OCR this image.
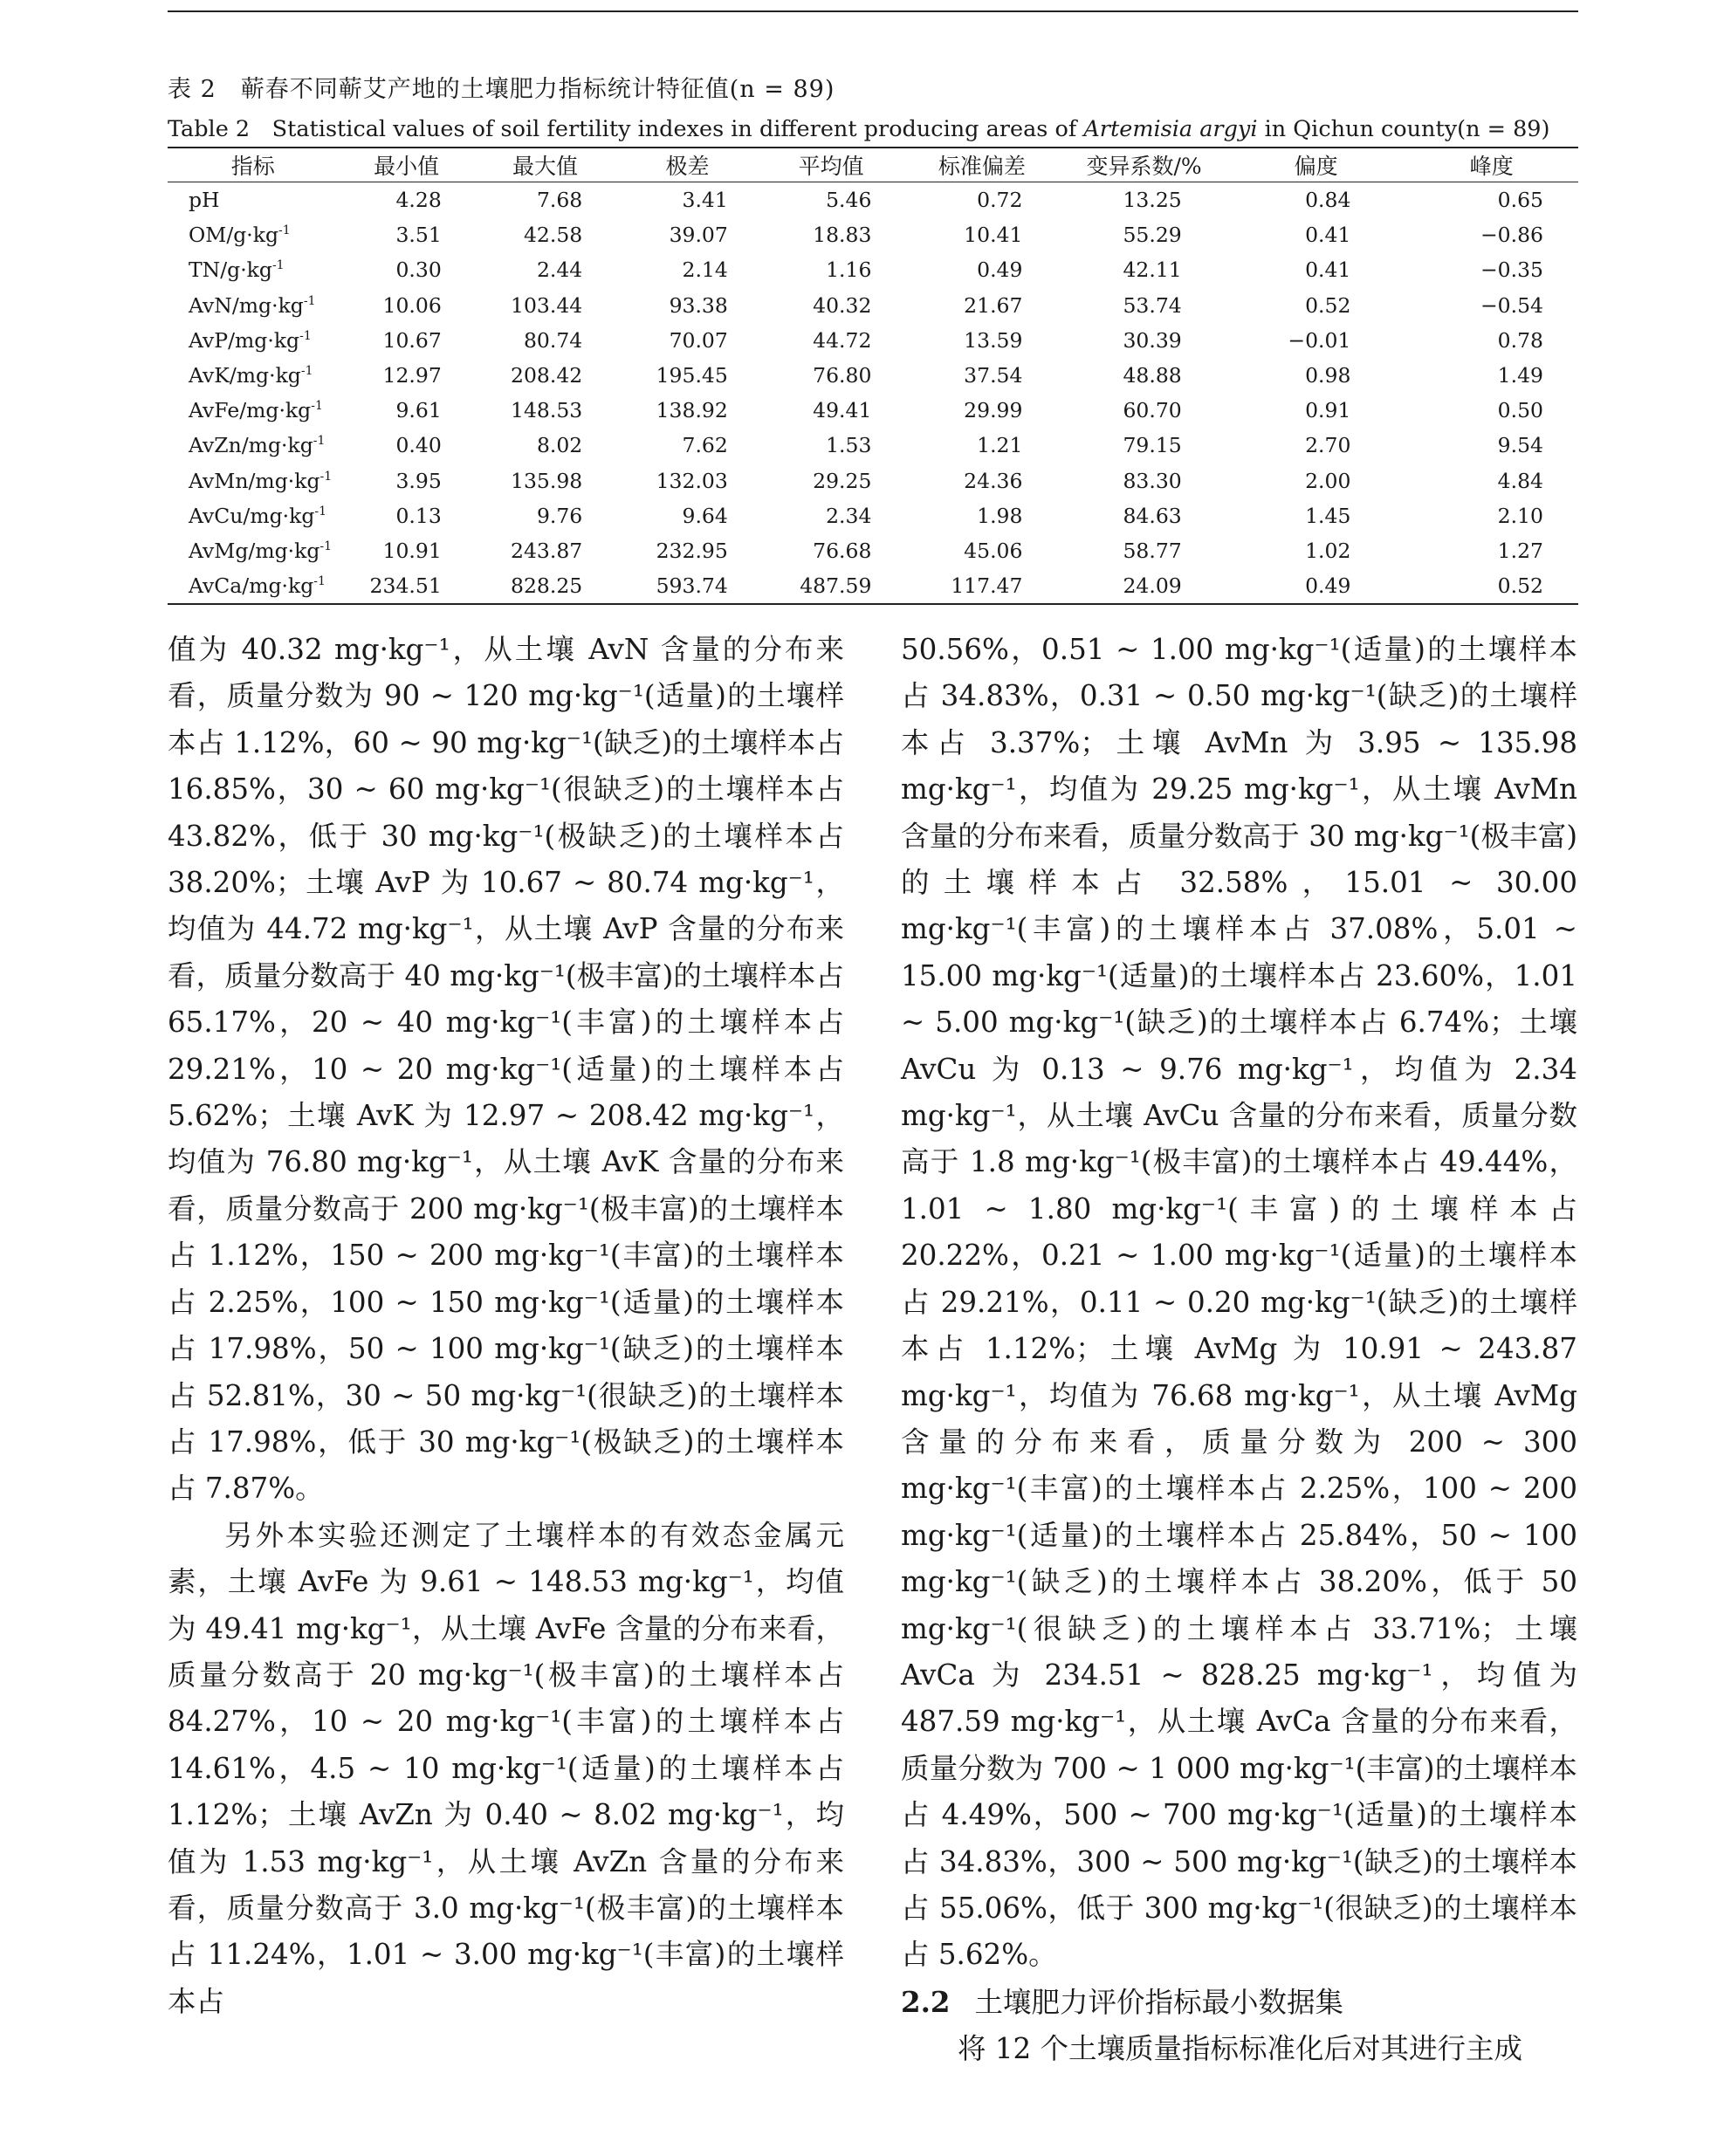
表 2　蕲春不同蕲艾产地的土壤肥力指标统计特征值(n = 89)
Table 2　Statistical values of soil fertility indexes in different producing areas of Artemisia argyi in Qichun county(n = 89)
指标	最小值	最大值	极差	平均值	标准偏差	变异系数/%	偏度	峰度
pH	4.28	7.68	3.41	5.46	0.72	13.25	0.84	0.65
$OM/g\cdot kg^{-1}$	3.51	42.58	39.07	18.83	10.41	55.29	0.41	−0.86
$TN/g\cdot kg^{-1}$	0.30	2.44	2.14	1.16	0.49	42.11	0.41	−0.35
AvN/$mg\cdot kg^{-1}$	10.06	103.44	93.38	40.32	21.67	53.74	0.52	−0.54
AvP/$mg\cdot kg^{-1}$	10.67	80.74	70.07	44.72	13.59	30.39	−0.01	0.78
AvK/$mg\cdot kg^{-1}$	12.97	208.42	195.45	76.80	37.54	48.88	0.98	1.49
AvFe/$mg\cdot kg^{-1}$	9.61	148.53	138.92	49.41	29.99	60.70	0.91	0.50
AvZn/$mg\cdot kg^{-1}$	0.40	8.02	7.62	1.53	1.21	79.15	2.70	9.54
AvMn/$mg\cdot kg^{-1}$	3.95	135.98	132.03	29.25	24.36	83.30	2.00	4.84
AvCu/$mg\cdot kg^{-1}$	0.13	9.76	9.64	2.34	1.98	84.63	1.45	2.10
AvMg/$mg\cdot kg^{-1}$	10.91	243.87	232.95	76.68	45.06	58.77	1.02	1.27
AvCa/$mg\cdot kg^{-1}$	234.51	828.25	593.74	487.59	117.47	24.09	0.49	0.52

值为 40.32 mg·kg⁻¹，从土壤 AvN 含量的分布来看，质量分数为 90 ~ 120 mg·kg⁻¹(适量)的土壤样本占 1.12%，60 ~ 90 mg·kg⁻¹(缺乏)的土壤样本占 16.85%，30 ~ 60 mg·kg⁻¹(很缺乏)的土壤样本占 43.82%，低于 30 mg·kg⁻¹(极缺乏)的土壤样本占 38.20%；土壤 AvP 为 10.67 ~ 80.74 mg·kg⁻¹，均值为 44.72 mg·kg⁻¹，从土壤 AvP 含量的分布来看，质量分数高于 40 mg·kg⁻¹(极丰富)的土壤样本占 65.17%，20 ~ 40 mg·kg⁻¹(丰富)的土壤样本占 29.21%，10 ~ 20 mg·kg⁻¹(适量)的土壤样本占 5.62%；土壤 AvK 为 12.97 ~ 208.42 mg·kg⁻¹，均值为 76.80 mg·kg⁻¹，从土壤 AvK 含量的分布来看，质量分数高于 200 mg·kg⁻¹(极丰富)的土壤样本占 1.12%，150 ~ 200 mg·kg⁻¹(丰富)的土壤样本占 2.25%，100 ~ 150 mg·kg⁻¹(适量)的土壤样本占 17.98%，50 ~ 100 mg·kg⁻¹(缺乏)的土壤样本占 52.81%，30 ~ 50 mg·kg⁻¹(很缺乏)的土壤样本占 17.98%，低于 30 mg·kg⁻¹(极缺乏)的土壤样本占 7.87%。

另外本实验还测定了土壤样本的有效态金属元素，土壤 AvFe 为 9.61 ~ 148.53 mg·kg⁻¹，均值为 49.41 mg·kg⁻¹，从土壤 AvFe 含量的分布来看，质量分数高于 20 mg·kg⁻¹(极丰富)的土壤样本占 84.27%，10 ~ 20 mg·kg⁻¹(丰富)的土壤样本占 14.61%，4.5 ~ 10 mg·kg⁻¹(适量)的土壤样本占 1.12%；土壤 AvZn 为 0.40 ~ 8.02 mg·kg⁻¹，均值为 1.53 mg·kg⁻¹，从土壤 AvZn 含量的分布来看，质量分数高于 3.0 mg·kg⁻¹(极丰富)的土壤样本占 11.24%，1.01 ~ 3.00 mg·kg⁻¹(丰富)的土壤样本占

50.56%，0.51 ~ 1.00 mg·kg⁻¹(适量)的土壤样本占 34.83%，0.31 ~ 0.50 mg·kg⁻¹(缺乏)的土壤样本占 3.37%；土壤 AvMn 为 3.95 ~ 135.98 mg·kg⁻¹，均值为 29.25 mg·kg⁻¹，从土壤 AvMn 含量的分布来看，质量分数高于 30 mg·kg⁻¹(极丰富)的土壤样本占 32.58%，15.01 ~ 30.00 mg·kg⁻¹(丰富)的土壤样本占 37.08%，5.01 ~ 15.00 mg·kg⁻¹(适量)的土壤样本占 23.60%，1.01 ~ 5.00 mg·kg⁻¹(缺乏)的土壤样本占 6.74%；土壤 AvCu 为 0.13 ~ 9.76 mg·kg⁻¹，均值为 2.34 mg·kg⁻¹，从土壤 AvCu 含量的分布来看，质量分数高于 1.8 mg·kg⁻¹(极丰富)的土壤样本占 49.44%，1.01 ~ 1.80 mg·kg⁻¹(丰富)的土壤样本占 20.22%，0.21 ~ 1.00 mg·kg⁻¹(适量)的土壤样本占 29.21%，0.11 ~ 0.20 mg·kg⁻¹(缺乏)的土壤样本占 1.12%；土壤 AvMg 为 10.91 ~ 243.87 mg·kg⁻¹，均值为 76.68 mg·kg⁻¹，从土壤 AvMg 含量的分布来看，质量分数为 200 ~ 300 mg·kg⁻¹(丰富)的土壤样本占 2.25%，100 ~ 200 mg·kg⁻¹(适量)的土壤样本占 25.84%，50 ~ 100 mg·kg⁻¹(缺乏)的土壤样本占 38.20%，低于 50 mg·kg⁻¹(很缺乏)的土壤样本占 33.71%；土壤 AvCa 为 234.51 ~ 828.25 mg·kg⁻¹，均值为 487.59 mg·kg⁻¹，从土壤 AvCa 含量的分布来看，质量分数为 700 ~ 1 000 mg·kg⁻¹(丰富)的土壤样本占 4.49%，500 ~ 700 mg·kg⁻¹(适量)的土壤样本占 34.83%，300 ~ 500 mg·kg⁻¹(缺乏)的土壤样本占 55.06%，低于 300 mg·kg⁻¹(很缺乏)的土壤样本占 5.62%。

2.2 土壤肥力评价指标最小数据集

将 12 个土壤质量指标标准化后对其进行主成
